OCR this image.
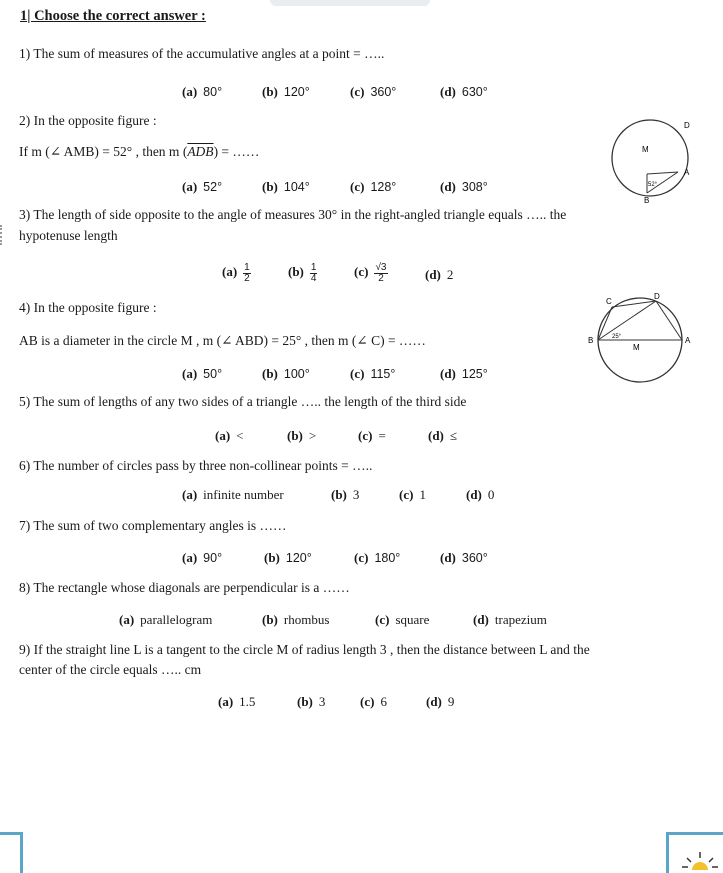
1| Choose the correct answer :
1) The sum of measures of the accumulative angles at a point = …..
(a) 80°	(b) 120°	(c) 360°	(d) 630°
2) In the opposite figure :
If m (∠ AMB) = 52° , then m $(\overline{ADB})$ = ……
(a) 52°	(b) 104°	(c) 128°	(d) 308°
D
M
52°
A
B
3) The length of side opposite to the angle of measures 30° in the right-angled triangle equals ….. the
hypotenuse length
$(a) \frac{1}{2}$	$(b) \frac{1}{4}$	$(c) \frac{√3}{2}$	(d) 2
4) In the opposite figure :
AB is a diameter in the circle M , m (∠ ABD) = 25° , then m (∠ C) = ……
(a) 50°	(b) 100°	(c) 115°	(d) 125°
C
D
B	25°
M
A
5) The sum of lengths of any two sides of a triangle ….. the length of the third side
(a) <	(b) >	(c) =	(d) ≤
6) The number of circles pass by three non-collinear points = …..
(a) infinite number	(b) 3	(c) 1	(d) 0
7) The sum of two complementary angles is ……
(a) 90°	(b) 120°	(c) 180°	(d) 360°
8) The rectangle whose diagonals are perpendicular is a ……
(a) parallelogram	(b) rhombus	(c) square	(d) trapezium
9) If the straight line L is a tangent to the circle M of radius length 3 , then the distance between L and the
center of the circle equals ….. cm
(a) 1.5	(b) 3	(c) 6	(d) 9
